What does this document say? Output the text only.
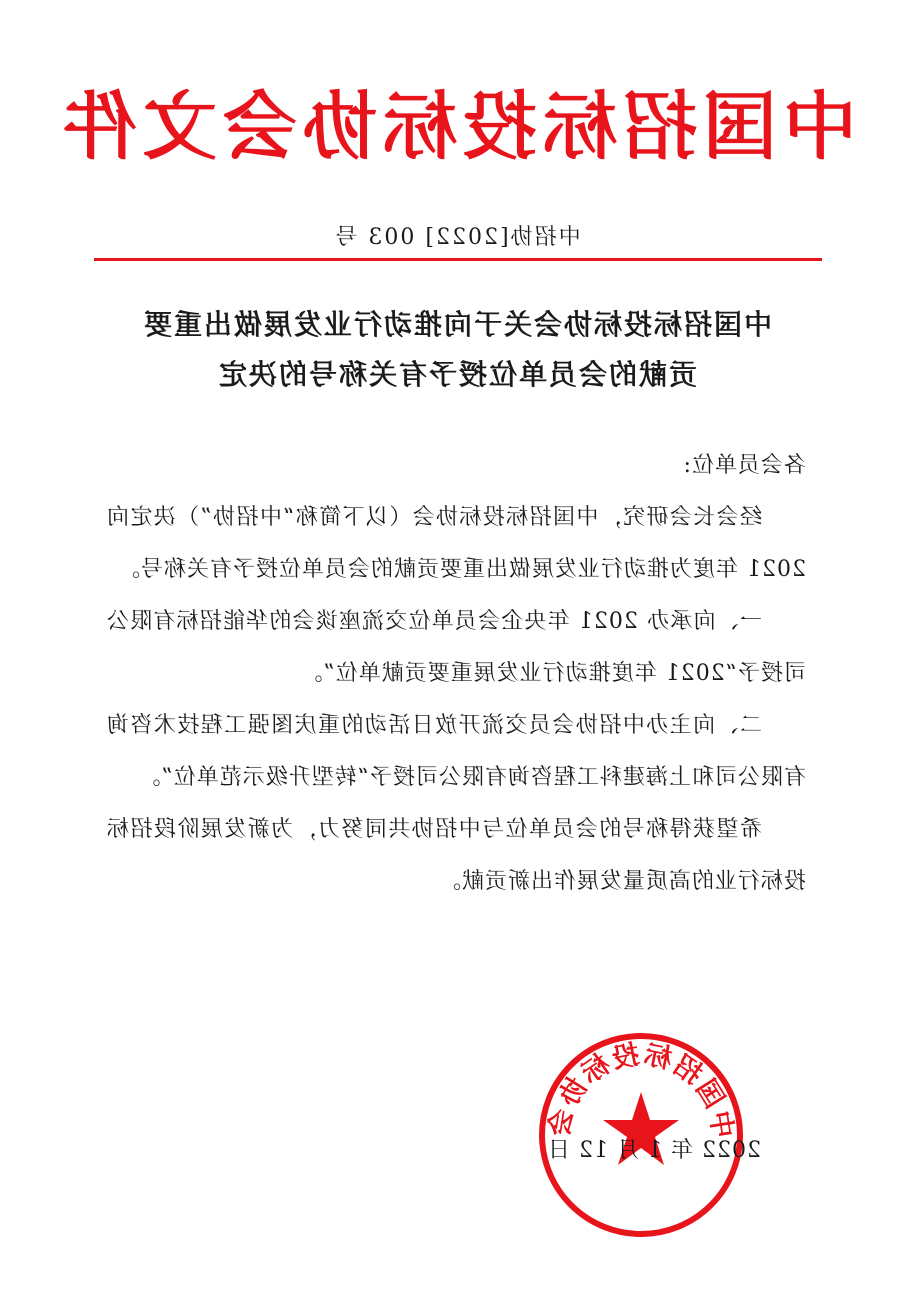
中国招标投标协会文件
中招协[2022] 003 号
中国招标投标协会关于向推动行业发展做出重要
贡献的会员单位授予有关称号的决定

各会员单位:

经会长会研究，中国招标投标协会（以下简称“中招协”）决定向 2021 年度为推动行业发展做出重要贡献的会员单位授予有关称号。

一、向承办 2021 年央企会员单位交流座谈会的华能招标有限公司授予“2021 年度推动行业发展重要贡献单位”。

二、向主办中招协会员交流开放日活动的重庆图强工程技术咨询有限公司和上海建科工程咨询有限公司授予“转型升级示范单位”。

希望获得称号的会员单位与中招协共同努力，为新发展阶段招标投标行业的高质量发展作出新贡献。

中国招标投标协会
2022 年 1 月 12 日
